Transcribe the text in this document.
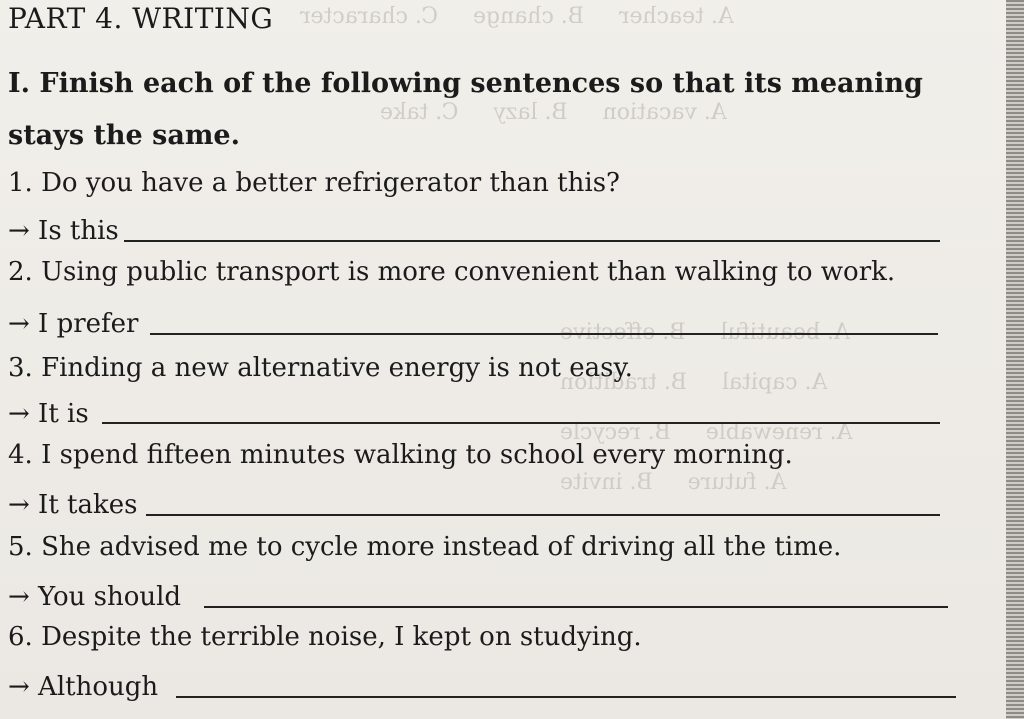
A. teacher     B. change     C. character
A. vacation     B. lazy     C. take
A. beautiful     B. effective
A. capital     B. tradition
A. renewable     B. recycle
A. future     B. invite
PART 4. WRITING
I. Finish each of the following sentences so that its meaning stays the same.
1. Do you have a better refrigerator than this?
→ Is this
2. Using public transport is more convenient than walking to work.
→ I prefer
3. Finding a new alternative energy is not easy.
→ It is
4. I spend fifteen minutes walking to school every morning.
→ It takes
5. She advised me to cycle more instead of driving all the time.
→ You should
6. Despite the terrible noise, I kept on studying.
→ Although
